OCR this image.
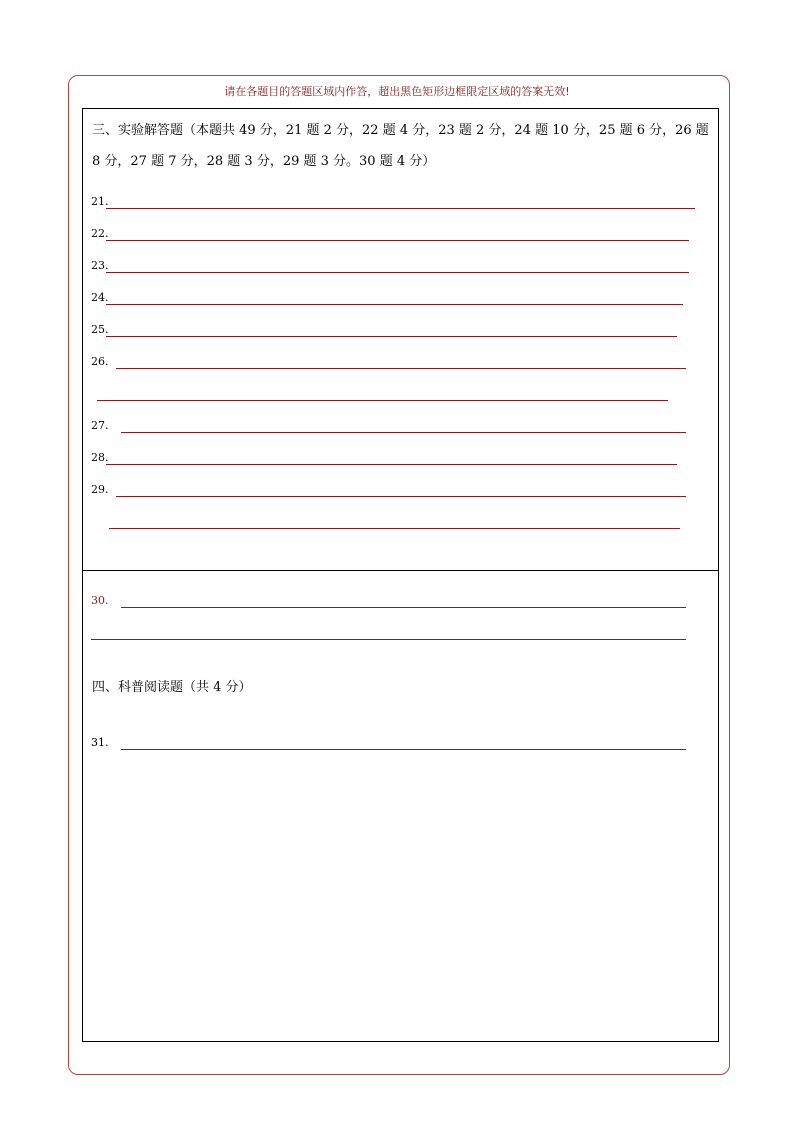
请在各题目的答题区域内作答，超出黑色矩形边框限定区域的答案无效!
三、实验解答题（本题共 49 分，21 题 2 分，22 题 4 分，23 题 2 分，24 题 10 分，25 题 6 分，26 题 8 分，27 题 7 分，28 题 3 分，29 题 3 分。30 题 4 分）
21.
22.
23.
24.
25.
26.
27.
28.
29.
30.
四、科普阅读题（共 4 分）
31.
